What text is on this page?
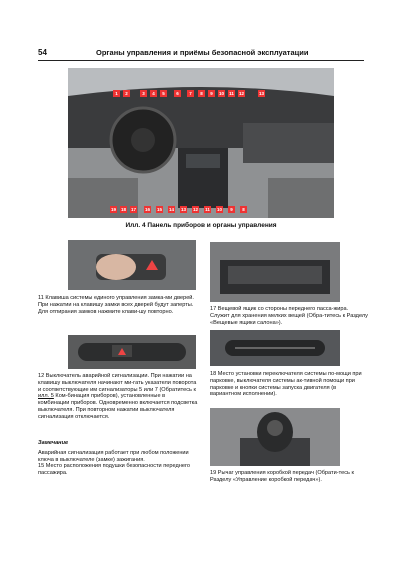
54	Органы управления и приёмы безопасной эксплуатации
1	2	3	4	5	6	7	8	9	10 11 12	13
19 18 17 16 15 14 13 12 11 10	9	8
Илл. 4 Панель приборов и органы управления

11 Клавиша системы единого управления замка-ми дверей.

При нажатии на клавишу замки всех дверей будут заперты. Для отпирания замков нажмите клави-шу повторно.

12 Выключатель аварийной сигнализации. При нажатии на клавишу выключателя начинают ми-гать указатели поворота и соответствующие им сигнализаторы 5 или 7 (Обратитесь к илл. 5 Ком-бинация приборов), установленные в комбинации приборов. Одновременно включается подсветка выключателя. При повторном нажатии выключателя сигнализация отключается.

Замечание

Аварийная сигнализация работает при любом положении ключа в выключателе (замке) зажигания.

15 Место расположения подушки безопасности переднего пассажира.

17 Вещевой ящик со стороны переднего пасса-жира. Служит для хранения мелких вещей (Обра-титесь к Разделу «Вещевые ящики салона»).

18 Место установки переключателя системы по-мощи при парковке, выключателя системы ак-тивной помощи при парковке и кнопки системы запуска двигателя (в вариантном исполнении).

19 Рычаг управления коробкой передач (Обрати-тесь к Разделу «Управление коробкой передач»).
